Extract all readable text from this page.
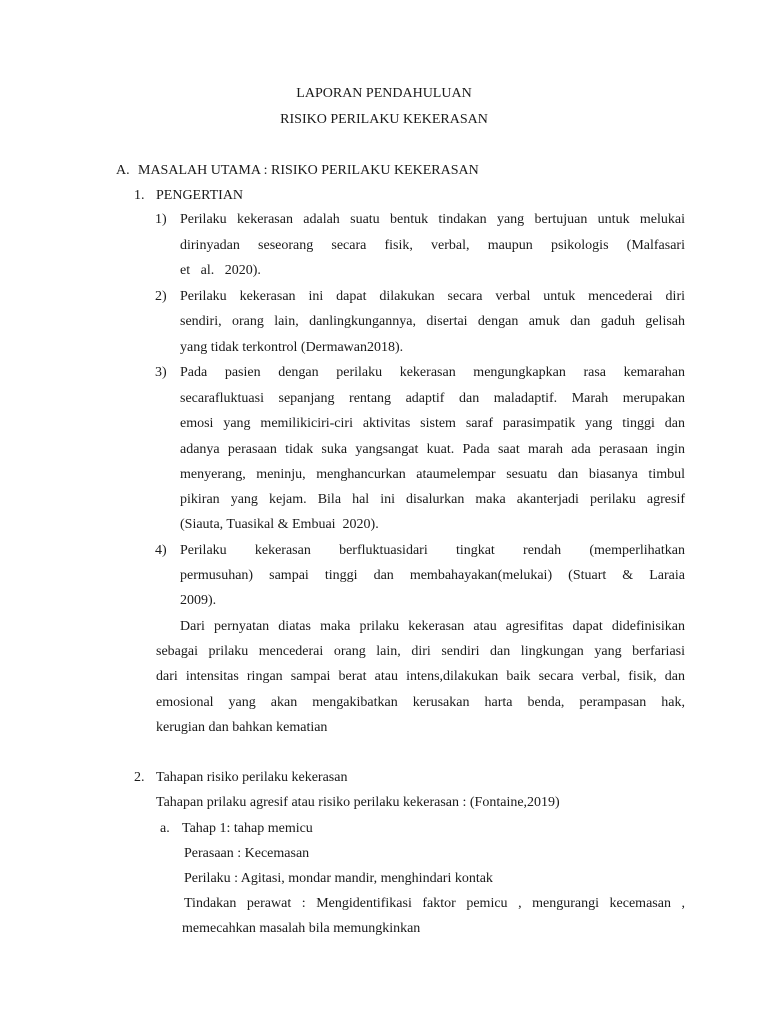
LAPORAN PENDAHULUAN
RISIKO PERILAKU KEKERASAN
A. MASALAH UTAMA : RISIKO PERILAKU KEKERASAN
1. PENGERTIAN
1) Perilaku kekerasan adalah suatu bentuk tindakan yang bertujuan untuk melukai
dirinyadan seseorang secara fisik, verbal, maupun psikologis (Malfasari
et   al.   2020).
2) Perilaku kekerasan ini dapat dilakukan secara verbal untuk mencederai diri
sendiri, orang lain, danlingkungannya, disertai dengan amuk dan gaduh gelisah
yang tidak terkontrol (Dermawan2018).
3) Pada pasien dengan perilaku kekerasan mengungkapkan rasa kemarahan
secarafluktuasi sepanjang rentang adaptif dan maladaptif. Marah merupakan
emosi yang memilikiciri-ciri aktivitas sistem saraf parasimpatik yang tinggi dan
adanya perasaan tidak suka yangsangat kuat. Pada saat marah ada perasaan ingin
menyerang, meninju, menghancurkan ataumelempar sesuatu dan biasanya timbul
pikiran yang kejam. Bila hal ini disalurkan maka akanterjadi perilaku agresif
(Siauta, Tuasikal & Embuai  2020).
4) Perilaku kekerasan berfluktuasidari tingkat rendah (memperlihatkan
permusuhan) sampai tinggi dan membahayakan(melukai) (Stuart & Laraia
2009).
Dari pernyatan diatas maka prilaku kekerasan atau agresifitas dapat didefinisikan
sebagai prilaku mencederai orang lain, diri sendiri dan lingkungan yang berfariasi
dari intensitas ringan sampai berat atau intens,dilakukan baik secara verbal, fisik, dan
emosional yang akan mengakibatkan kerusakan harta benda, perampasan hak,
kerugian dan bahkan kematian
2. Tahapan risiko perilaku kekerasan
Tahapan prilaku agresif atau risiko perilaku kekerasan : (Fontaine,2019)
a. Tahap 1: tahap memicu
Perasaan : Kecemasan
Perilaku : Agitasi, mondar mandir, menghindari kontak
Tindakan perawat : Mengidentifikasi faktor pemicu , mengurangi kecemasan ,
memecahkan masalah bila memungkinkan
